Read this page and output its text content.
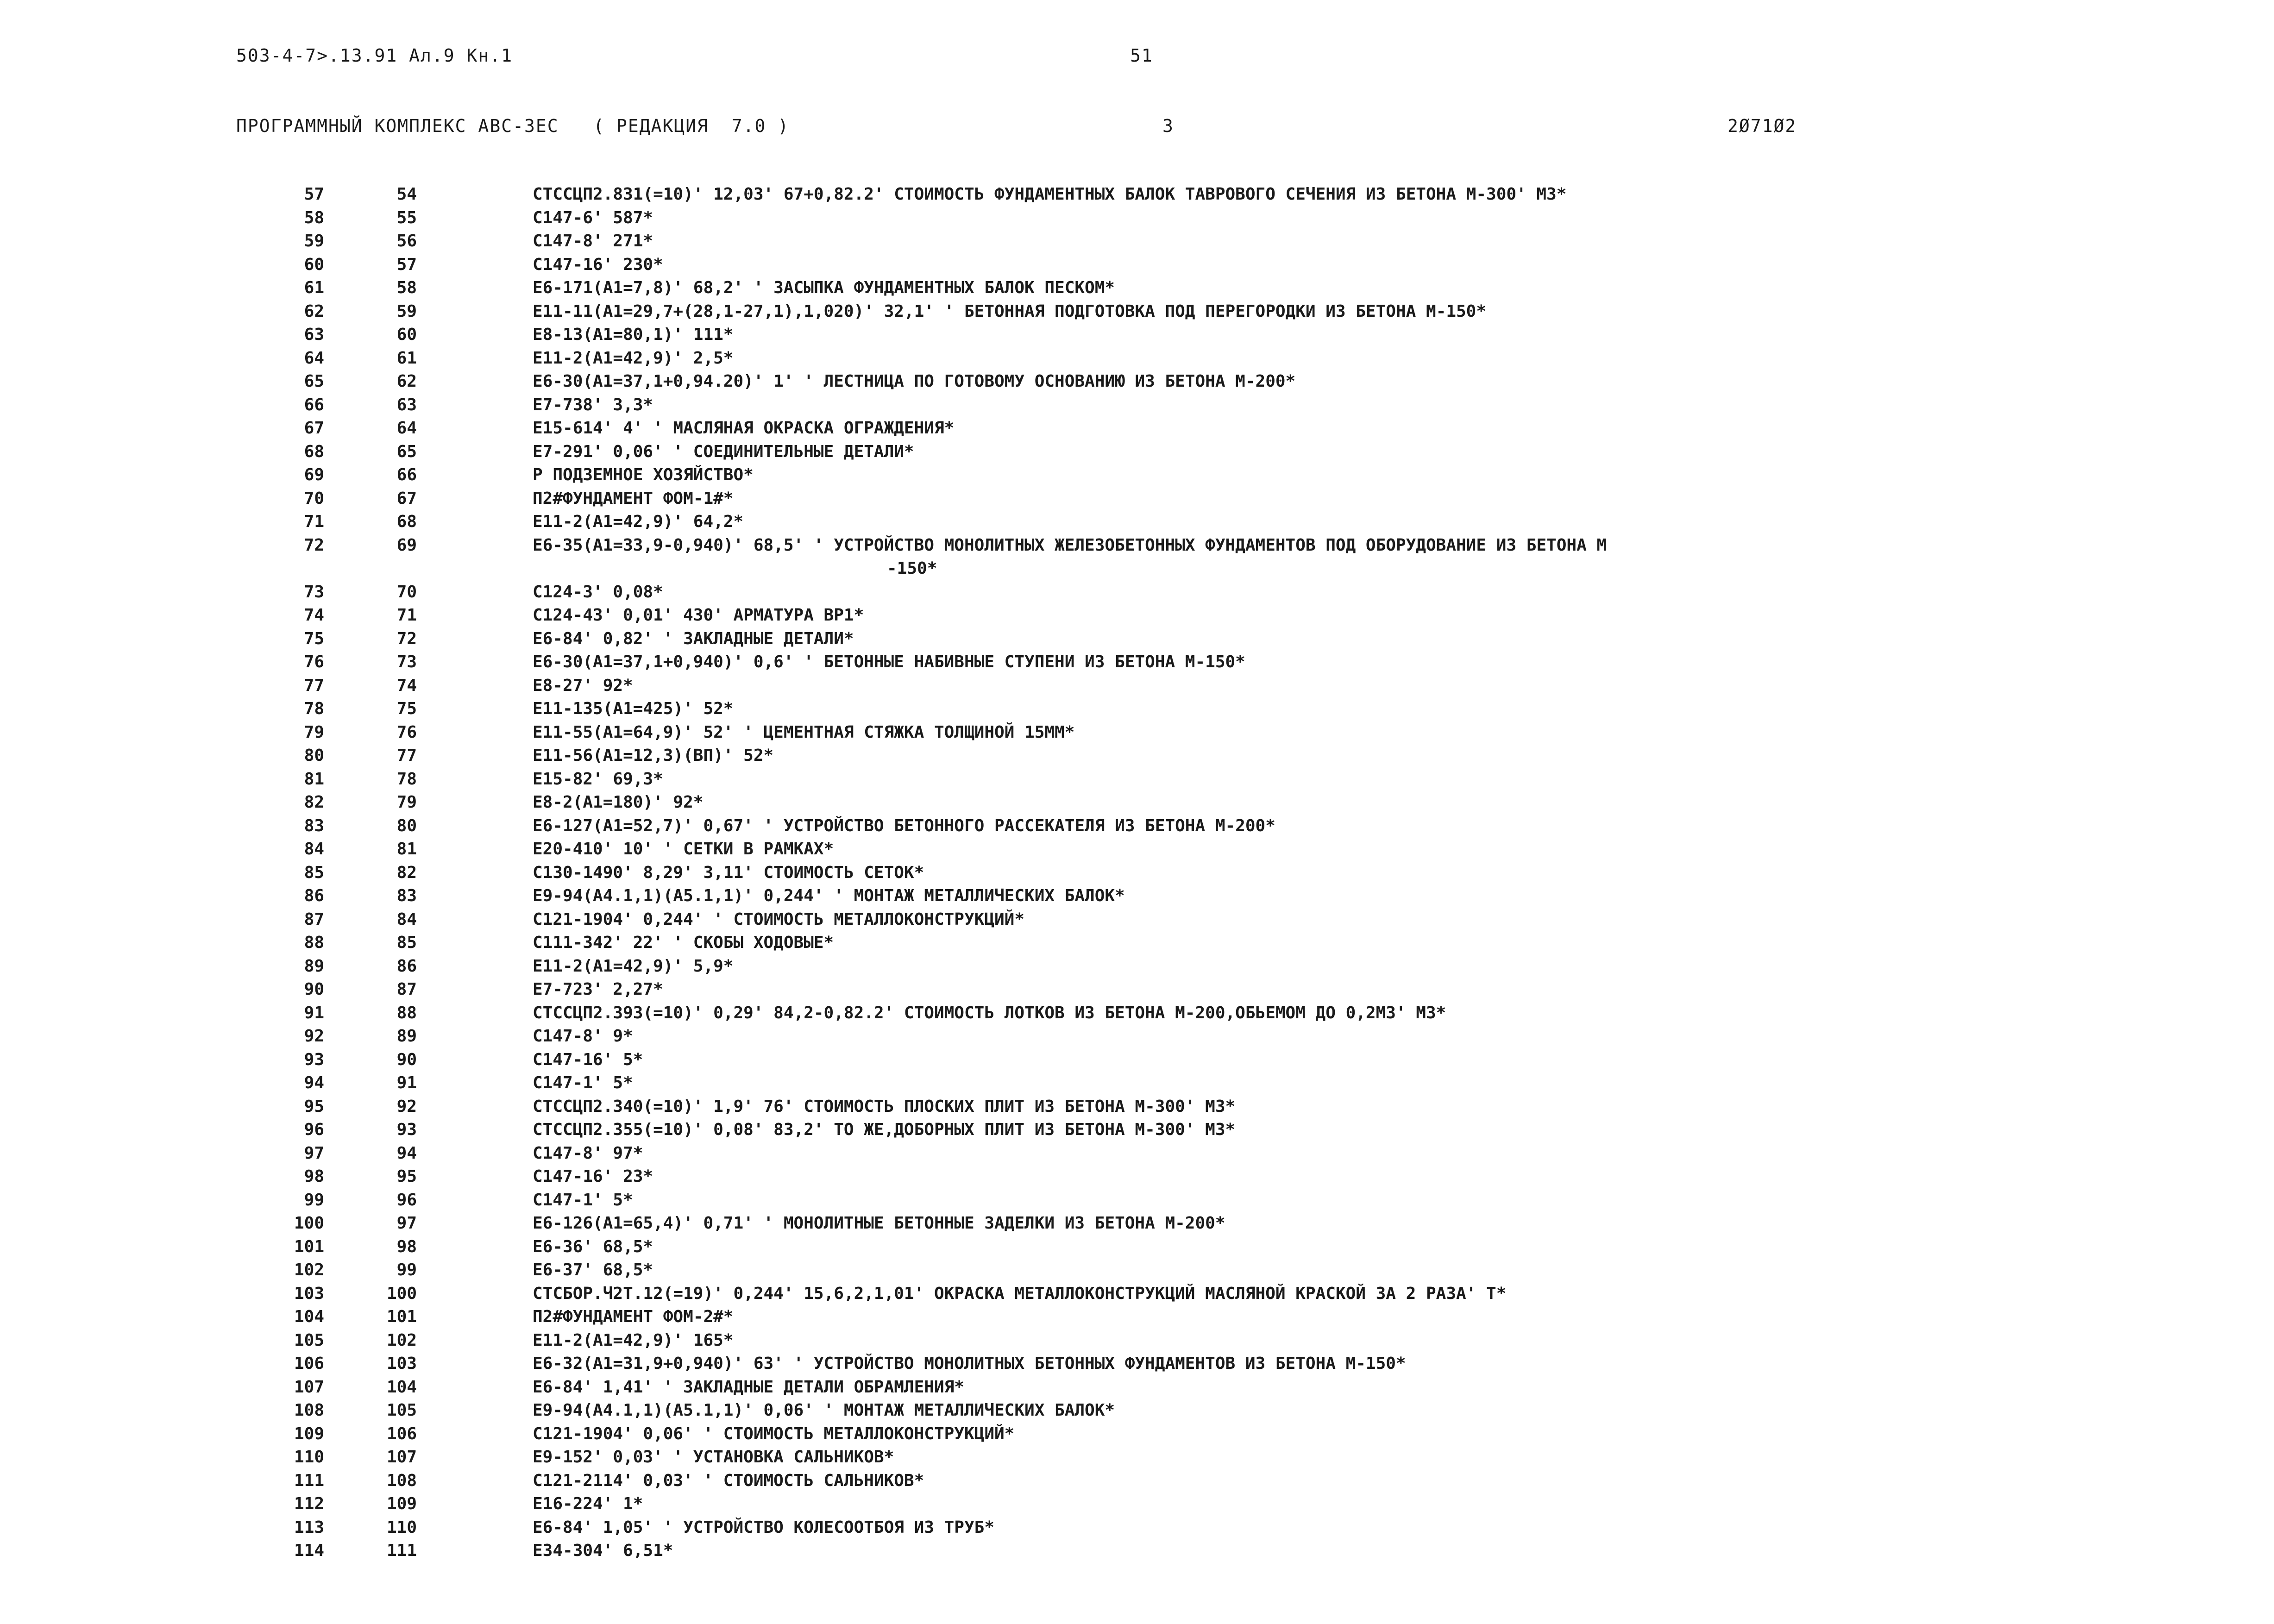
503-4-7>.13.91 Ал.9 Кн.1	51
ПРОГРАММНЫЙ КОМПЛЕКС АВС-3ЕС   ( РЕДАКЦИЯ  7.0 )	3	2Ø71Ø2
57	54	СТССЦП2.831(=10)' 12,03' 67+0,82.2' СТОИМОСТЬ ФУНДАМЕНТНЫХ БАЛОК ТАВРОВОГО СЕЧЕНИЯ ИЗ БЕТОНА М-300' М3*
58	55	С147-6' 587*
59	56	С147-8' 271*
60	57	С147-16' 230*
61	58	Е6-171(А1=7,8)' 68,2' ' ЗАСЫПКА ФУНДАМЕНТНЫХ БАЛОК ПЕСКОМ*
62	59	Е11-11(А1=29,7+(28,1-27,1),1,020)' 32,1' ' БЕТОННАЯ ПОДГОТОВКА ПОД ПЕРЕГОРОДКИ ИЗ БЕТОНА М-150*
63	60	Е8-13(А1=80,1)' 111*
64	61	Е11-2(А1=42,9)' 2,5*
65	62	Е6-30(А1=37,1+0,94.20)' 1' ' ЛЕСТНИЦА ПО ГОТОВОМУ ОСНОВАНИЮ ИЗ БЕТОНА М-200*
66	63	Е7-738' 3,3*
67	64	Е15-614' 4' ' МАСЛЯНАЯ ОКРАСКА ОГРАЖДЕНИЯ*
68	65	Е7-291' 0,06' ' СОЕДИНИТЕЛЬНЫЕ ДЕТАЛИ*
69	66	Р ПОДЗЕМНОЕ ХОЗЯЙСТВО*
70	67	П2#ФУНДАМЕНТ ФОМ-1#*
71	68	Е11-2(А1=42,9)' 64,2*
72	69	Е6-35(А1=33,9-0,940)' 68,5' ' УСТРОЙСТВО МОНОЛИТНЫХ ЖЕЛЕЗОБЕТОННЫХ ФУНДАМЕНТОВ ПОД ОБОРУДОВАНИЕ ИЗ БЕТОНА М
-150*
73	70	С124-3' 0,08*
74	71	С124-43' 0,01' 430' АРМАТУРА ВР1*
75	72	Е6-84' 0,82' ' ЗАКЛАДНЫЕ ДЕТАЛИ*
76	73	Е6-30(А1=37,1+0,940)' 0,6' ' БЕТОННЫЕ НАБИВНЫЕ СТУПЕНИ ИЗ БЕТОНА М-150*
77	74	Е8-27' 92*
78	75	Е11-135(А1=425)' 52*
79	76	Е11-55(А1=64,9)' 52' ' ЦЕМЕНТНАЯ СТЯЖКА ТОЛЩИНОЙ 15ММ*
80	77	Е11-56(А1=12,3)(ВП)' 52*
81	78	Е15-82' 69,3*
82	79	Е8-2(А1=180)' 92*
83	80	Е6-127(А1=52,7)' 0,67' ' УСТРОЙСТВО БЕТОННОГО РАССЕКАТЕЛЯ ИЗ БЕТОНА М-200*
84	81	Е20-410' 10' ' СЕТКИ В РАМКАХ*
85	82	С130-1490' 8,29' 3,11' СТОИМОСТЬ СЕТОК*
86	83	Е9-94(А4.1,1)(А5.1,1)' 0,244' ' МОНТАЖ МЕТАЛЛИЧЕСКИХ БАЛОК*
87	84	С121-1904' 0,244' ' СТОИМОСТЬ МЕТАЛЛОКОНСТРУКЦИЙ*
88	85	С111-342' 22' ' СКОБЫ ХОДОВЫЕ*
89	86	Е11-2(А1=42,9)' 5,9*
90	87	Е7-723' 2,27*
91	88	СТССЦП2.393(=10)' 0,29' 84,2-0,82.2' СТОИМОСТЬ ЛОТКОВ ИЗ БЕТОНА М-200,ОБЬЕМОМ ДО 0,2М3' М3*
92	89	С147-8' 9*
93	90	С147-16' 5*
94	91	С147-1' 5*
95	92	СТССЦП2.340(=10)' 1,9' 76' СТОИМОСТЬ ПЛОСКИХ ПЛИТ ИЗ БЕТОНА М-300' М3*
96	93	СТССЦП2.355(=10)' 0,08' 83,2' ТО ЖЕ,ДОБОРНЫХ ПЛИТ ИЗ БЕТОНА М-300' М3*
97	94	С147-8' 97*
98	95	С147-16' 23*
99	96	С147-1' 5*
100	97	Е6-126(А1=65,4)' 0,71' ' МОНОЛИТНЫЕ БЕТОННЫЕ ЗАДЕЛКИ ИЗ БЕТОНА М-200*
101	98	Е6-36' 68,5*
102	99	Е6-37' 68,5*
103	100	СТСБОР.Ч2Т.12(=19)' 0,244' 15,6,2,1,01' ОКРАСКА МЕТАЛЛОКОНСТРУКЦИЙ МАСЛЯНОЙ КРАСКОЙ ЗА 2 РАЗА' Т*
104	101	П2#ФУНДАМЕНТ ФОМ-2#*
105	102	Е11-2(А1=42,9)' 165*
106	103	Е6-32(А1=31,9+0,940)' 63' ' УСТРОЙСТВО МОНОЛИТНЫХ БЕТОННЫХ ФУНДАМЕНТОВ ИЗ БЕТОНА М-150*
107	104	Е6-84' 1,41' ' ЗАКЛАДНЫЕ ДЕТАЛИ ОБРАМЛЕНИЯ*
108	105	Е9-94(А4.1,1)(А5.1,1)' 0,06' ' МОНТАЖ МЕТАЛЛИЧЕСКИХ БАЛОК*
109	106	С121-1904' 0,06' ' СТОИМОСТЬ МЕТАЛЛОКОНСТРУКЦИЙ*
110	107	Е9-152' 0,03' ' УСТАНОВКА САЛЬНИКОВ*
111	108	С121-2114' 0,03' ' СТОИМОСТЬ САЛЬНИКОВ*
112	109	Е16-224' 1*
113	110	Е6-84' 1,05' ' УСТРОЙСТВО КОЛЕСООТБОЯ ИЗ ТРУБ*
114	111	Е34-304' 6,51*
